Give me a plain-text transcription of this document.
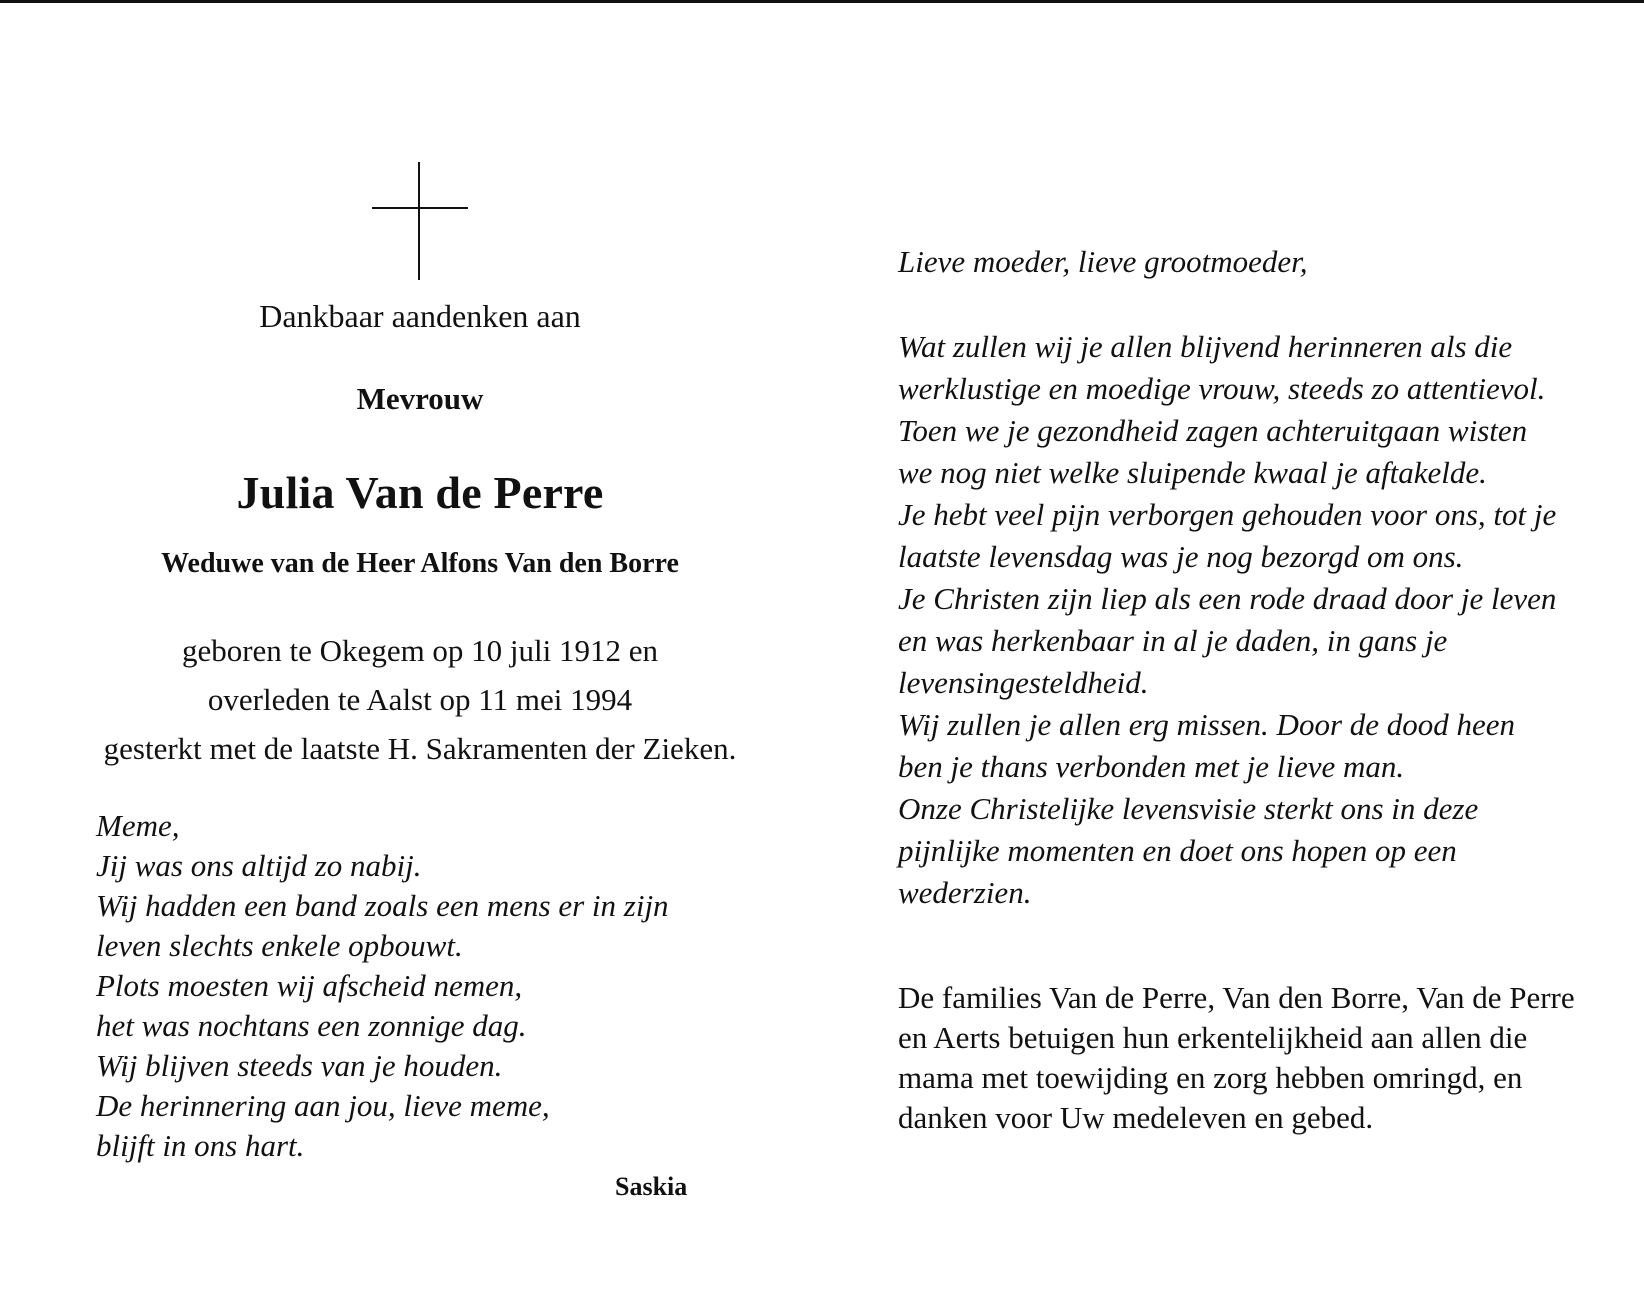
Dankbaar aandenken aan
Mevrouw
Julia Van de Perre
Weduwe van de Heer Alfons Van den Borre
geboren te Okegem op 10 juli 1912 en
overleden te Aalst op 11 mei 1994
gesterkt met de laatste H. Sakramenten der Zieken.
Meme,
Jij was ons altijd zo nabij.
Wij hadden een band zoals een mens er in zijn
leven slechts enkele opbouwt.
Plots moesten wij afscheid nemen,
het was nochtans een zonnige dag.
Wij blijven steeds van je houden.
De herinnering aan jou, lieve meme,
blijft in ons hart.
Saskia
Lieve moeder, lieve grootmoeder,
Wat zullen wij je allen blijvend herinneren als die
werklustige en moedige vrouw, steeds zo attentievol.
Toen we je gezondheid zagen achteruitgaan wisten
we nog niet welke sluipende kwaal je aftakelde.
Je hebt veel pijn verborgen gehouden voor ons, tot je
laatste levensdag was je nog bezorgd om ons.
Je Christen zijn liep als een rode draad door je leven
en was herkenbaar in al je daden, in gans je
levensingesteldheid.
Wij zullen je allen erg missen. Door de dood heen
ben je thans verbonden met je lieve man.
Onze Christelijke levensvisie sterkt ons in deze
pijnlijke momenten en doet ons hopen op een
wederzien.
De families Van de Perre, Van den Borre, Van de Perre
en Aerts betuigen hun erkentelijkheid aan allen die
mama met toewijding en zorg hebben omringd, en
danken voor Uw medeleven en gebed.
